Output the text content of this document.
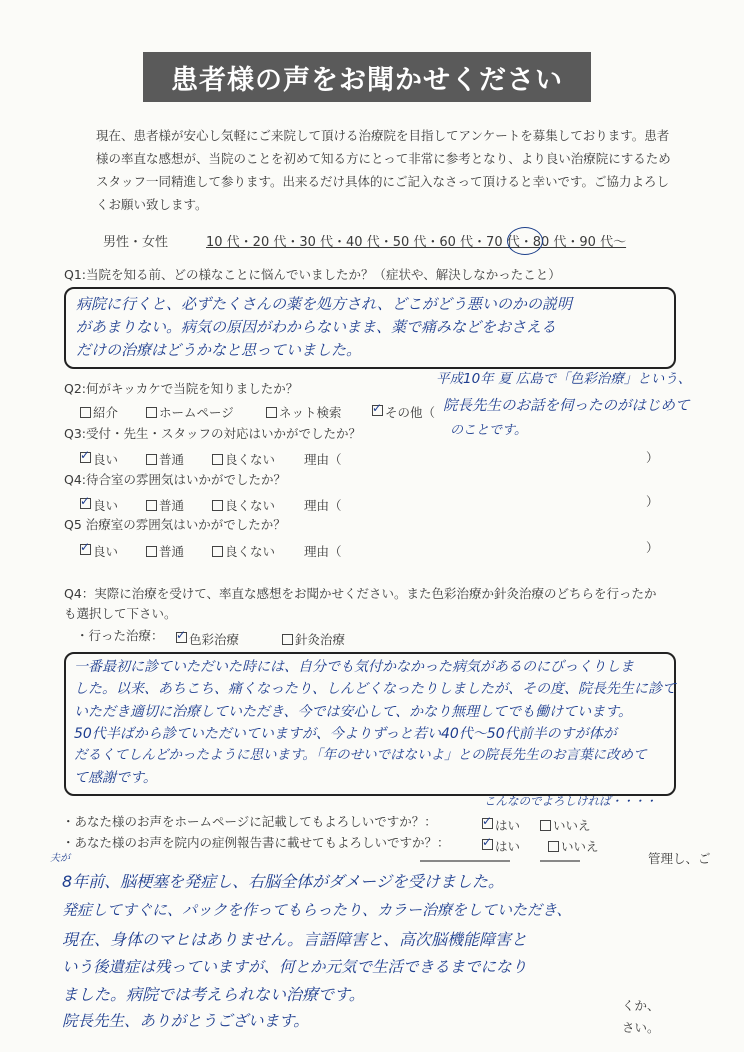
患者様の声をお聞かせください
現在、患者様が安心し気軽にご来院して頂ける治療院を目指してアンケートを募集しております。患者
様の率直な感想が、当院のことを初めて知る方にとって非常に参考となり、より良い治療院にするため
スタッフ一同精進して参ります。出来るだけ具体的にご記入なさって頂けると幸いです。ご協力よろし
くお願い致します。
男性・女性	10 代・20 代・30 代・40 代・50 代・60 代・70 代・80 代・90 代〜
Q1:当院を知る前、どの様なことに悩んでいましたか？（症状や、解決しなかったこと）
病院に行くと、必ずたくさんの薬を処方され、どこがどう悪いのかの説明
があまりない。病気の原因がわからないまま、薬で痛みなどをおさえる
だけの治療はどうかなと思っていました。
Q2:何がキッカケで当院を知りましたか？
紹介	ホームページ	ネット検索 ✓	その他（
平成10年 夏 広島で「色彩治療」という、
院長先生のお話を伺ったのがはじめて
のことです。
Q3:受付・先生・スタッフの対応はいかがでしたか？
✓良い	普通	良くない 理由（	）
Q4:待合室の雰囲気はいかがでしたか？
✓良い	普通	良くない 理由（	）
Q5 治療室の雰囲気はいかがでしたか？
✓良い	普通	良くない 理由（	）
Q4：実際に治療を受けて、率直な感想をお聞かせください。また色彩治療か針灸治療のどちらを行ったか
も選択して下さい。
・行った治療： ✓	色彩治療	針灸治療
一番最初に診ていただいた時には、自分でも気付かなかった病気があるのにびっくりしま
した。以来、あちこち、痛くなったり、しんどくなったりしましたが、その度、院長先生に診て
いただき適切に治療していただき、今では安心して、かなり無理してでも働けています。
50代半ばから診ていただいていますが、今よりずっと若い40代〜50代前半のすが体が
だるくてしんどかったように思います。「年のせいではないよ」との院長先生のお言葉に改めて
て感謝です。
・あなた様のお声をホームページに記載してもよろしいですか？： ✓	はい	いいえ
こんなのでよろしければ・・・・
・あなた様のお声を院内の症例報告書に載せてもよろしいですか？： ✓	はい	いいえ
管理し、ご
くか、
さい。
夫が
8年前、脳梗塞を発症し、右脳全体がダメージを受けました。
発症してすぐに、パックを作ってもらったり、カラー治療をしていただき、
現在、身体のマヒはありません。言語障害と、高次脳機能障害と
いう後遺症は残っていますが、何とか元気で生活できるまでになり
ました。病院では考えられない治療です。
院長先生、ありがとうございます。
